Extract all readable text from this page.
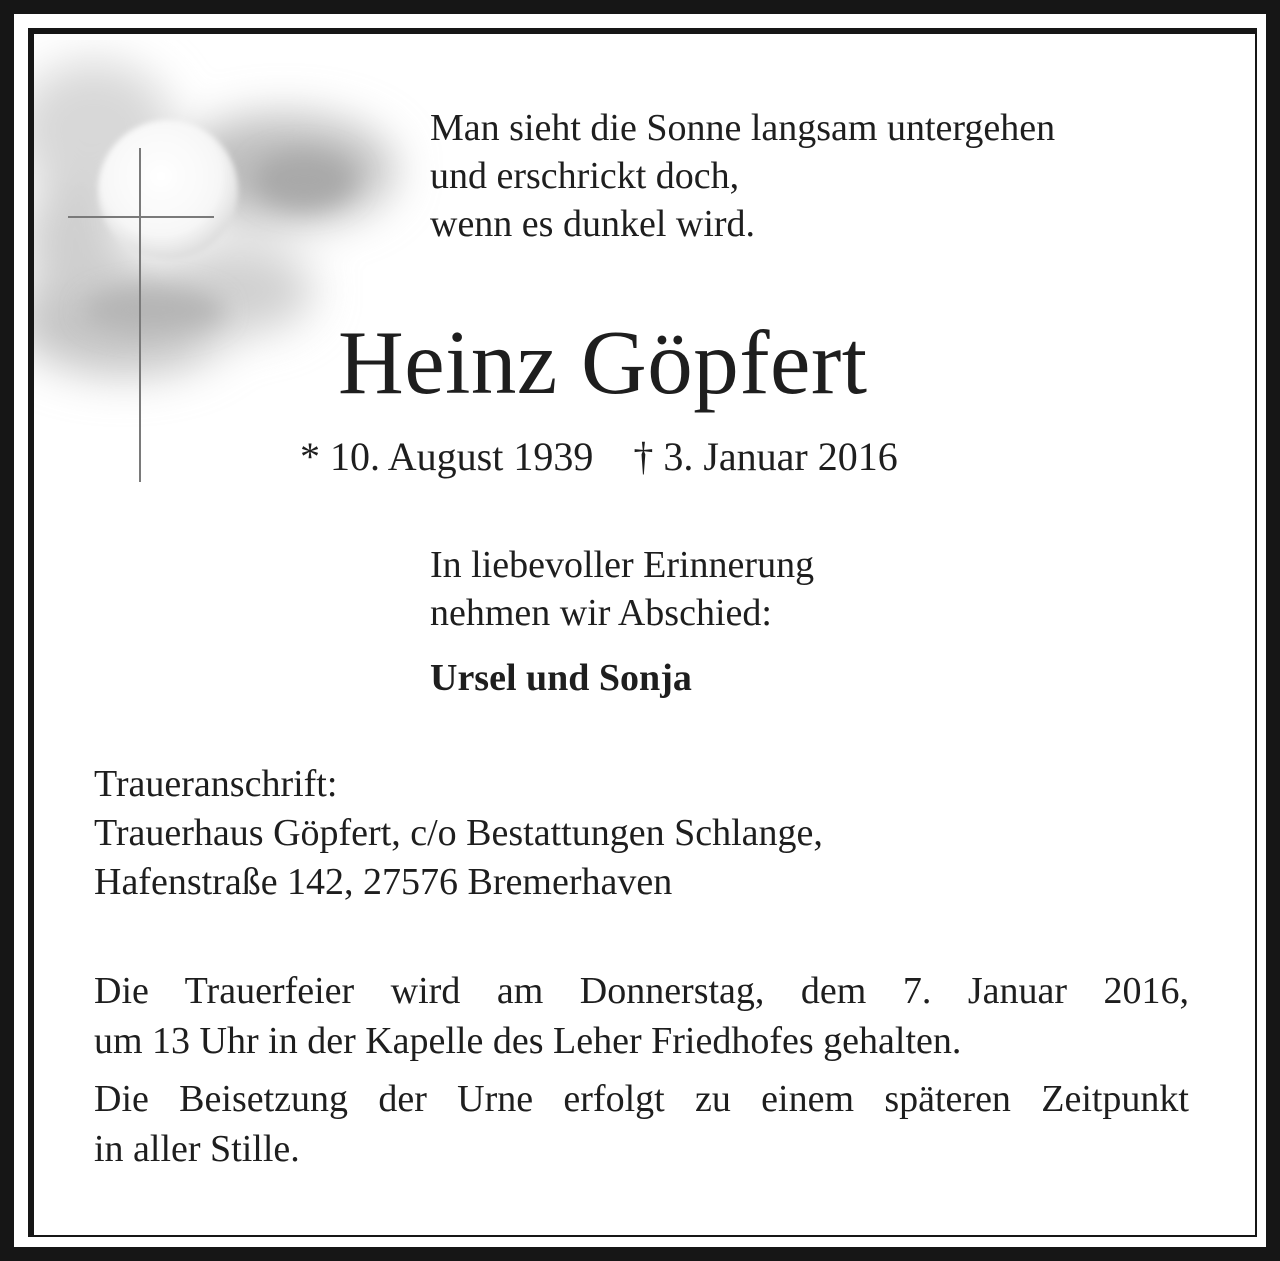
Man sieht die Sonne langsam untergehen
und erschrickt doch,
wenn es dunkel wird.
Heinz Göpfert
* 10. August 1939 † 3. Januar 2016
In liebevoller Erinnerung
nehmen wir Abschied:
Ursel und Sonja
Traueranschrift:
Trauerhaus Göpfert, c/o Bestattungen Schlange,
Hafenstraße 142, 27576 Bremerhaven
Die Trauerfeier wird am Donnerstag, dem 7. Januar 2016,
um 13 Uhr in der Kapelle des Leher Friedhofes gehalten.
Die Beisetzung der Urne erfolgt zu einem späteren Zeitpunkt
in aller Stille.
